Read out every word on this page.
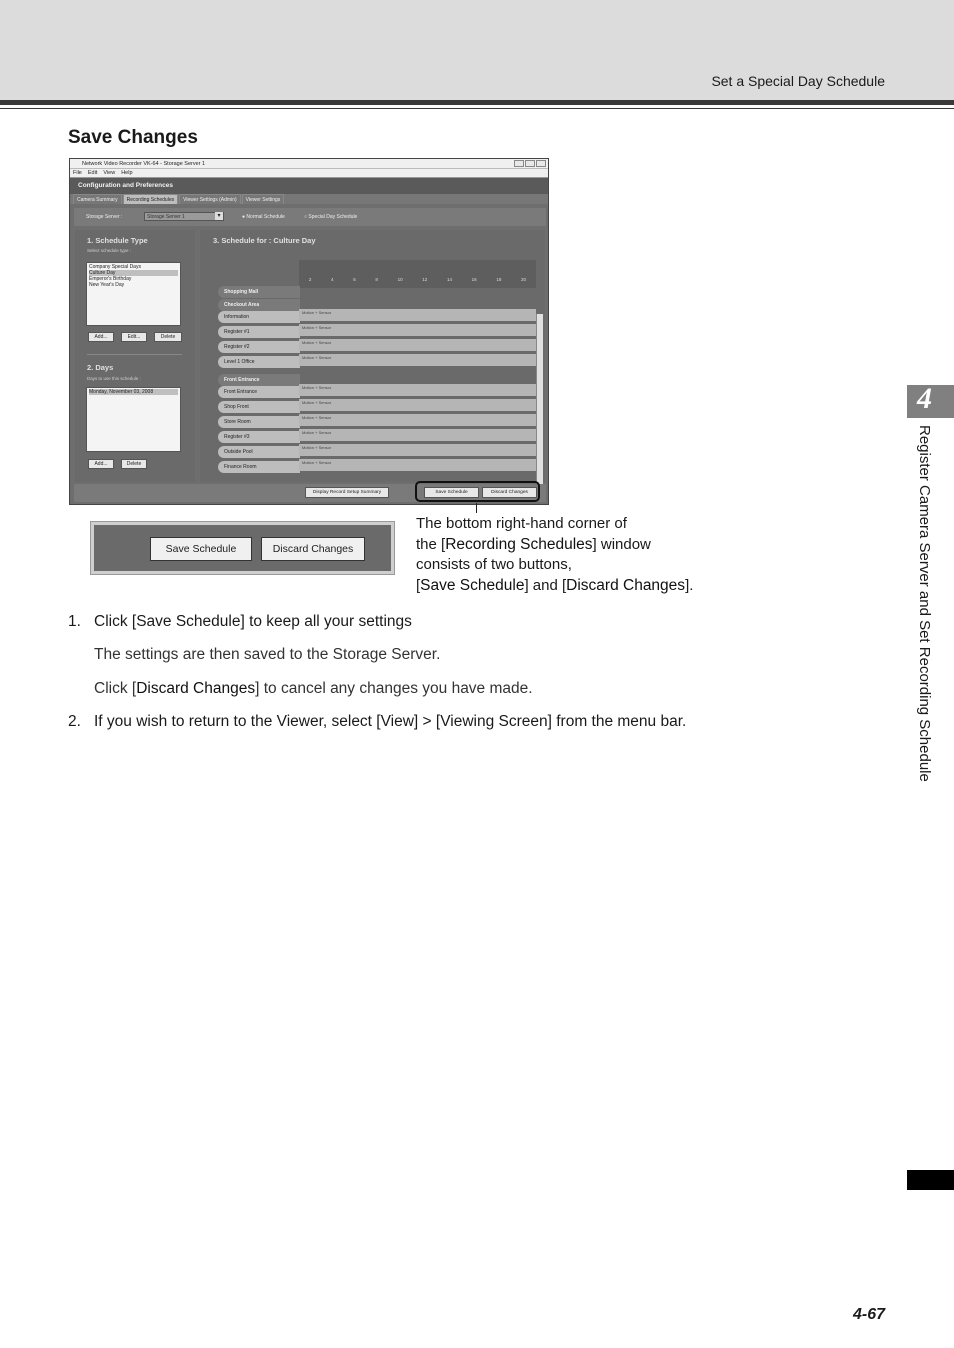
Set a Special Day Schedule
Save Changes
Network Video Recorder VK-64 - Storage Server 1
File Edit View Help
Configuration and Preferences
Camera Summary	Recording Schedules	Viewer Settings (Admin)	Viewer Settings
Storage Server :	Storage Server 1 ▾	● Normal Schedule	○ Special Day Schedule
1. Schedule Type
Select schedule type :
Company Special Days
Culture Day
Emperor's Birthday
New Year's Day
Add...	Edit...	Delete
2. Days
Days to use this schedule :
Monday, November 03, 2008
Add...	Delete
3. Schedule for : Culture Day
2	4	6	8	10	12	14	16	18	20
Shopping Mall
Checkout Area
Information
Motion + Sensor
Register #1
Motion + Sensor
Register #2
Motion + Sensor
Level 1 Office
Motion + Sensor
Front Entrance
Front Entrance
Motion + Sensor
Shop Front
Motion + Sensor
Store Room
Motion + Sensor
Register #3
Motion + Sensor
Outside Pool
Motion + Sensor
Finance Room
Motion + Sensor
Display Record Setup Summary	Save Schedule	Discard Changes
Save Schedule	Discard Changes
The bottom right-hand corner of
the [Recording Schedules] window
consists of two buttons,
[Save Schedule] and [Discard Changes].
1. Click [Save Schedule] to keep all your settings
The settings are then saved to the Storage Server.
Click [Discard Changes] to cancel any changes you have made.
2. If you wish to return to the Viewer, select [View] > [Viewing Screen] from the menu bar.
4
Register Camera Server and Set Recording Schedule
4-67
